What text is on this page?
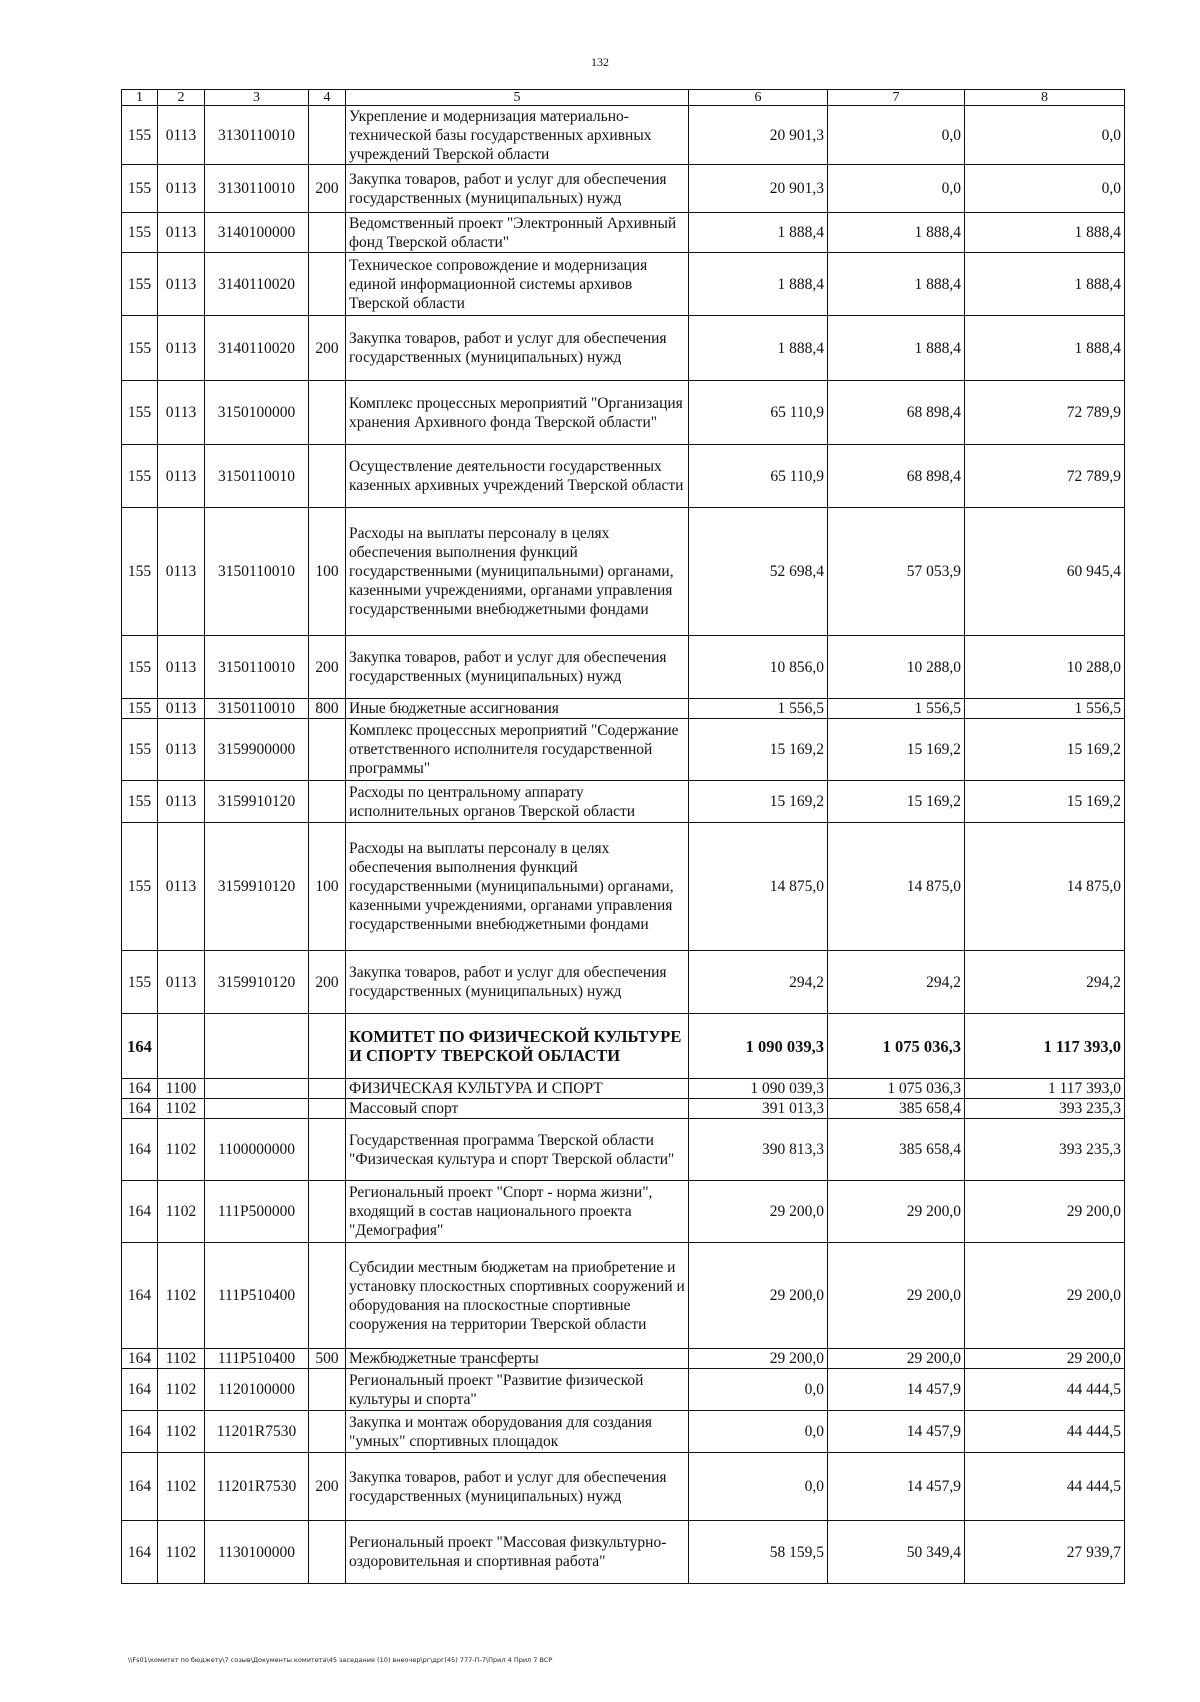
132
1	2	3	4	5	6	7	8
155	0113	3130110010		Укрепление и модернизация материально-технической базы государственных архивных учреждений Тверской области	20 901,3	0,0	0,0
155	0113	3130110010	200	Закупка товаров, работ и услуг для обеспечения государственных (муниципальных) нужд	20 901,3	0,0	0,0
155	0113	3140100000		Ведомственный проект "Электронный Архивный фонд Тверской области"	1 888,4	1 888,4	1 888,4
155	0113	3140110020		Техническое сопровождение и модернизация единой информационной системы архивов Тверской области	1 888,4	1 888,4	1 888,4
155	0113	3140110020	200	Закупка товаров, работ и услуг для обеспечения государственных (муниципальных) нужд	1 888,4	1 888,4	1 888,4
155	0113	3150100000		Комплекс процессных мероприятий "Организация хранения Архивного фонда Тверской области"	65 110,9	68 898,4	72 789,9
155	0113	3150110010		Осуществление деятельности государственных казенных архивных учреждений Тверской области	65 110,9	68 898,4	72 789,9
155	0113	3150110010	100	Расходы на выплаты персоналу в целях обеспечения выполнения функций государственными (муниципальными) органами, казенными учреждениями, органами управления государственными внебюджетными фондами	52 698,4	57 053,9	60 945,4
155	0113	3150110010	200	Закупка товаров, работ и услуг для обеспечения государственных (муниципальных) нужд	10 856,0	10 288,0	10 288,0
155	0113	3150110010	800	Иные бюджетные ассигнования	1 556,5	1 556,5	1 556,5
155	0113	3159900000		Комплекс процессных мероприятий "Содержание ответственного исполнителя государственной программы"	15 169,2	15 169,2	15 169,2
155	0113	3159910120		Расходы по центральному аппарату исполнительных органов Тверской области	15 169,2	15 169,2	15 169,2
155	0113	3159910120	100	Расходы на выплаты персоналу в целях обеспечения выполнения функций государственными (муниципальными) органами, казенными учреждениями, органами управления государственными внебюджетными фондами	14 875,0	14 875,0	14 875,0
155	0113	3159910120	200	Закупка товаров, работ и услуг для обеспечения государственных (муниципальных) нужд	294,2	294,2	294,2
164				КОМИТЕТ ПО ФИЗИЧЕСКОЙ КУЛЬТУРЕ И СПОРТУ ТВЕРСКОЙ ОБЛАСТИ	1 090 039,3	1 075 036,3	1 117 393,0
164	1100			ФИЗИЧЕСКАЯ КУЛЬТУРА И СПОРТ	1 090 039,3	1 075 036,3	1 117 393,0
164	1102			Массовый спорт	391 013,3	385 658,4	393 235,3
164	1102	1100000000		Государственная программа Тверской области "Физическая культура и спорт Тверской области"	390 813,3	385 658,4	393 235,3
164	1102	111P500000		Региональный проект "Спорт - норма жизни", входящий в состав национального проекта "Демография"	29 200,0	29 200,0	29 200,0
164	1102	111P510400		Субсидии местным бюджетам на приобретение и установку плоскостных спортивных сооружений и оборудования на плоскостные спортивные сооружения на территории Тверской области	29 200,0	29 200,0	29 200,0
164	1102	111P510400	500	Межбюджетные трансферты	29 200,0	29 200,0	29 200,0
164	1102	1120100000		Региональный проект "Развитие физической культуры и спорта"	0,0	14 457,9	44 444,5
164	1102	11201R7530		Закупка и монтаж оборудования для создания "умных" спортивных площадок	0,0	14 457,9	44 444,5
164	1102	11201R7530	200	Закупка товаров, работ и услуг для обеспечения государственных (муниципальных) нужд	0,0	14 457,9	44 444,5
164	1102	1130100000		Региональный проект "Массовая физкультурно-оздоровительная и спортивная работа"	58 159,5	50 349,4	27 939,7
\\Fs01\комитет по бюджету\7 созыв\Документы комитета\45 заседание (10) внеочер\рг\дрг(45) 777-П-7\Прил 4 Прил 7 ВСР
